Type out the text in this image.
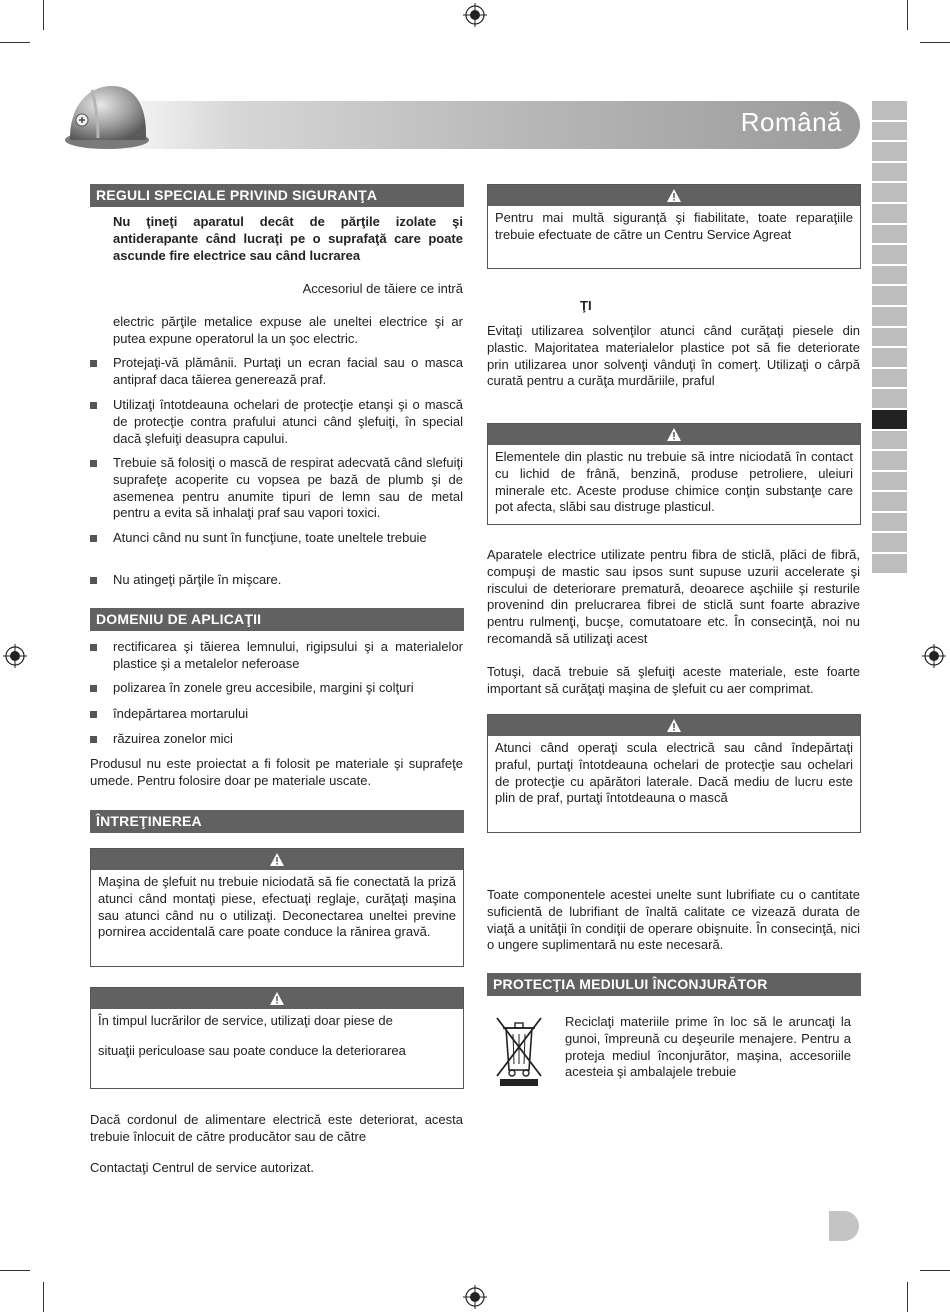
Română
REGULI SPECIALE PRIVIND SIGURANŢA
Nu ţineţi aparatul decât de părţile izolate şi antiderapante când lucraţi pe o suprafaţă care poate ascunde fire electrice sau când lucrarea
Accesoriul de tăiere ce intră
electric părţile metalice expuse ale uneltei electrice şi ar putea expune operatorul la un şoc electric.
Protejaţi-vă plămânii. Purtaţi un ecran facial sau o masca antipraf daca tăierea generează praf.
Utilizaţi întotdeauna ochelari de protecţie etanşi şi o mască de protecţie contra prafului atunci când şlefuiţi, în special dacă şlefuiţi deasupra capului.
Trebuie să folosiţi o mască de respirat adecvată când slefuiţi suprafeţe acoperite cu vopsea pe bază de plumb şi de asemenea pentru anumite tipuri de lemn sau de metal pentru a evita să inhalaţi praf sau vapori toxici.
Atunci când nu sunt în funcţiune, toate uneltele trebuie
Nu atingeţi părţile în mişcare.
DOMENIU DE APLICAŢII
rectificarea şi tăierea lemnului, rigipsului şi a materialelor plastice şi a metalelor neferoase
polizarea în zonele greu accesibile, margini şi colţuri
îndepărtarea mortarului
răzuirea zonelor mici
Produsul nu este proiectat a fi folosit pe materiale şi suprafeţe umede. Pentru folosire doar pe materiale uscate.
ÎNTREŢINEREA
Maşina de şlefuit nu trebuie niciodată să fie conectată la priză atunci când montaţi piese, efectuaţi reglaje, curăţaţi maşina sau atunci când nu o utilizaţi. Deconectarea uneltei previne pornirea accidentală care poate conduce la rănirea gravă.
În timpul lucrărilor de service, utilizaţi doar piese de
situaţii periculoase sau poate conduce la deteriorarea
Dacă cordonul de alimentare electrică este deteriorat, acesta trebuie înlocuit de către producător sau de către
Contactaţi Centrul de service autorizat.
Pentru mai multă siguranţă şi fiabilitate, toate reparaţiile trebuie efectuate de către un Centru Service Agreat
ŢI
Evitaţi utilizarea solvenţilor atunci când curăţaţi piesele din plastic. Majoritatea materialelor plastice pot să fie deteriorate prin utilizarea unor solvenţi vânduţi în comerţ. Utilizaţi o cârpă curată pentru a curăţa murdăriile, praful
Elementele din plastic nu trebuie să intre niciodată în contact cu lichid de frână, benzină, produse petroliere, uleiuri minerale etc. Aceste produse chimice conţin substanţe care pot afecta, slăbi sau distruge plasticul.
Aparatele electrice utilizate pentru fibra de sticlă, plăci de fibră, compuşi de mastic sau ipsos sunt supuse uzurii accelerate şi riscului de deteriorare prematură, deoarece aşchiile şi resturile provenind din prelucrarea fibrei de sticlă sunt foarte abrazive pentru rulmenţi, bucşe, comutatoare etc. În consecinţă, noi nu recomandă să utilizaţi acest
Totuşi, dacă trebuie să şlefuiţi aceste materiale, este foarte important să curăţaţi maşina de şlefuit cu aer comprimat.
Atunci când operaţi scula electrică sau când îndepărtaţi praful, purtaţi întotdeauna ochelari de protecţie sau ochelari de protecţie cu apărători laterale. Dacă mediu de lucru este plin de praf, purtaţi întotdeauna o mască
Toate componentele acestei unelte sunt lubrifiate cu o cantitate suficientă de lubrifiant de înaltă calitate ce vizează durata de viaţă a unităţii în condiţii de operare obişnuite. În consecinţă, nici o ungere suplimentară nu este necesară.
PROTECŢIA MEDIULUI ÎNCONJURĂTOR
Reciclaţi materiile prime în loc să le aruncaţi la gunoi, împreună cu deşeurile menajere. Pentru a proteja mediul înconjurător, maşina, accesoriile acesteia şi ambalajele trebuie
